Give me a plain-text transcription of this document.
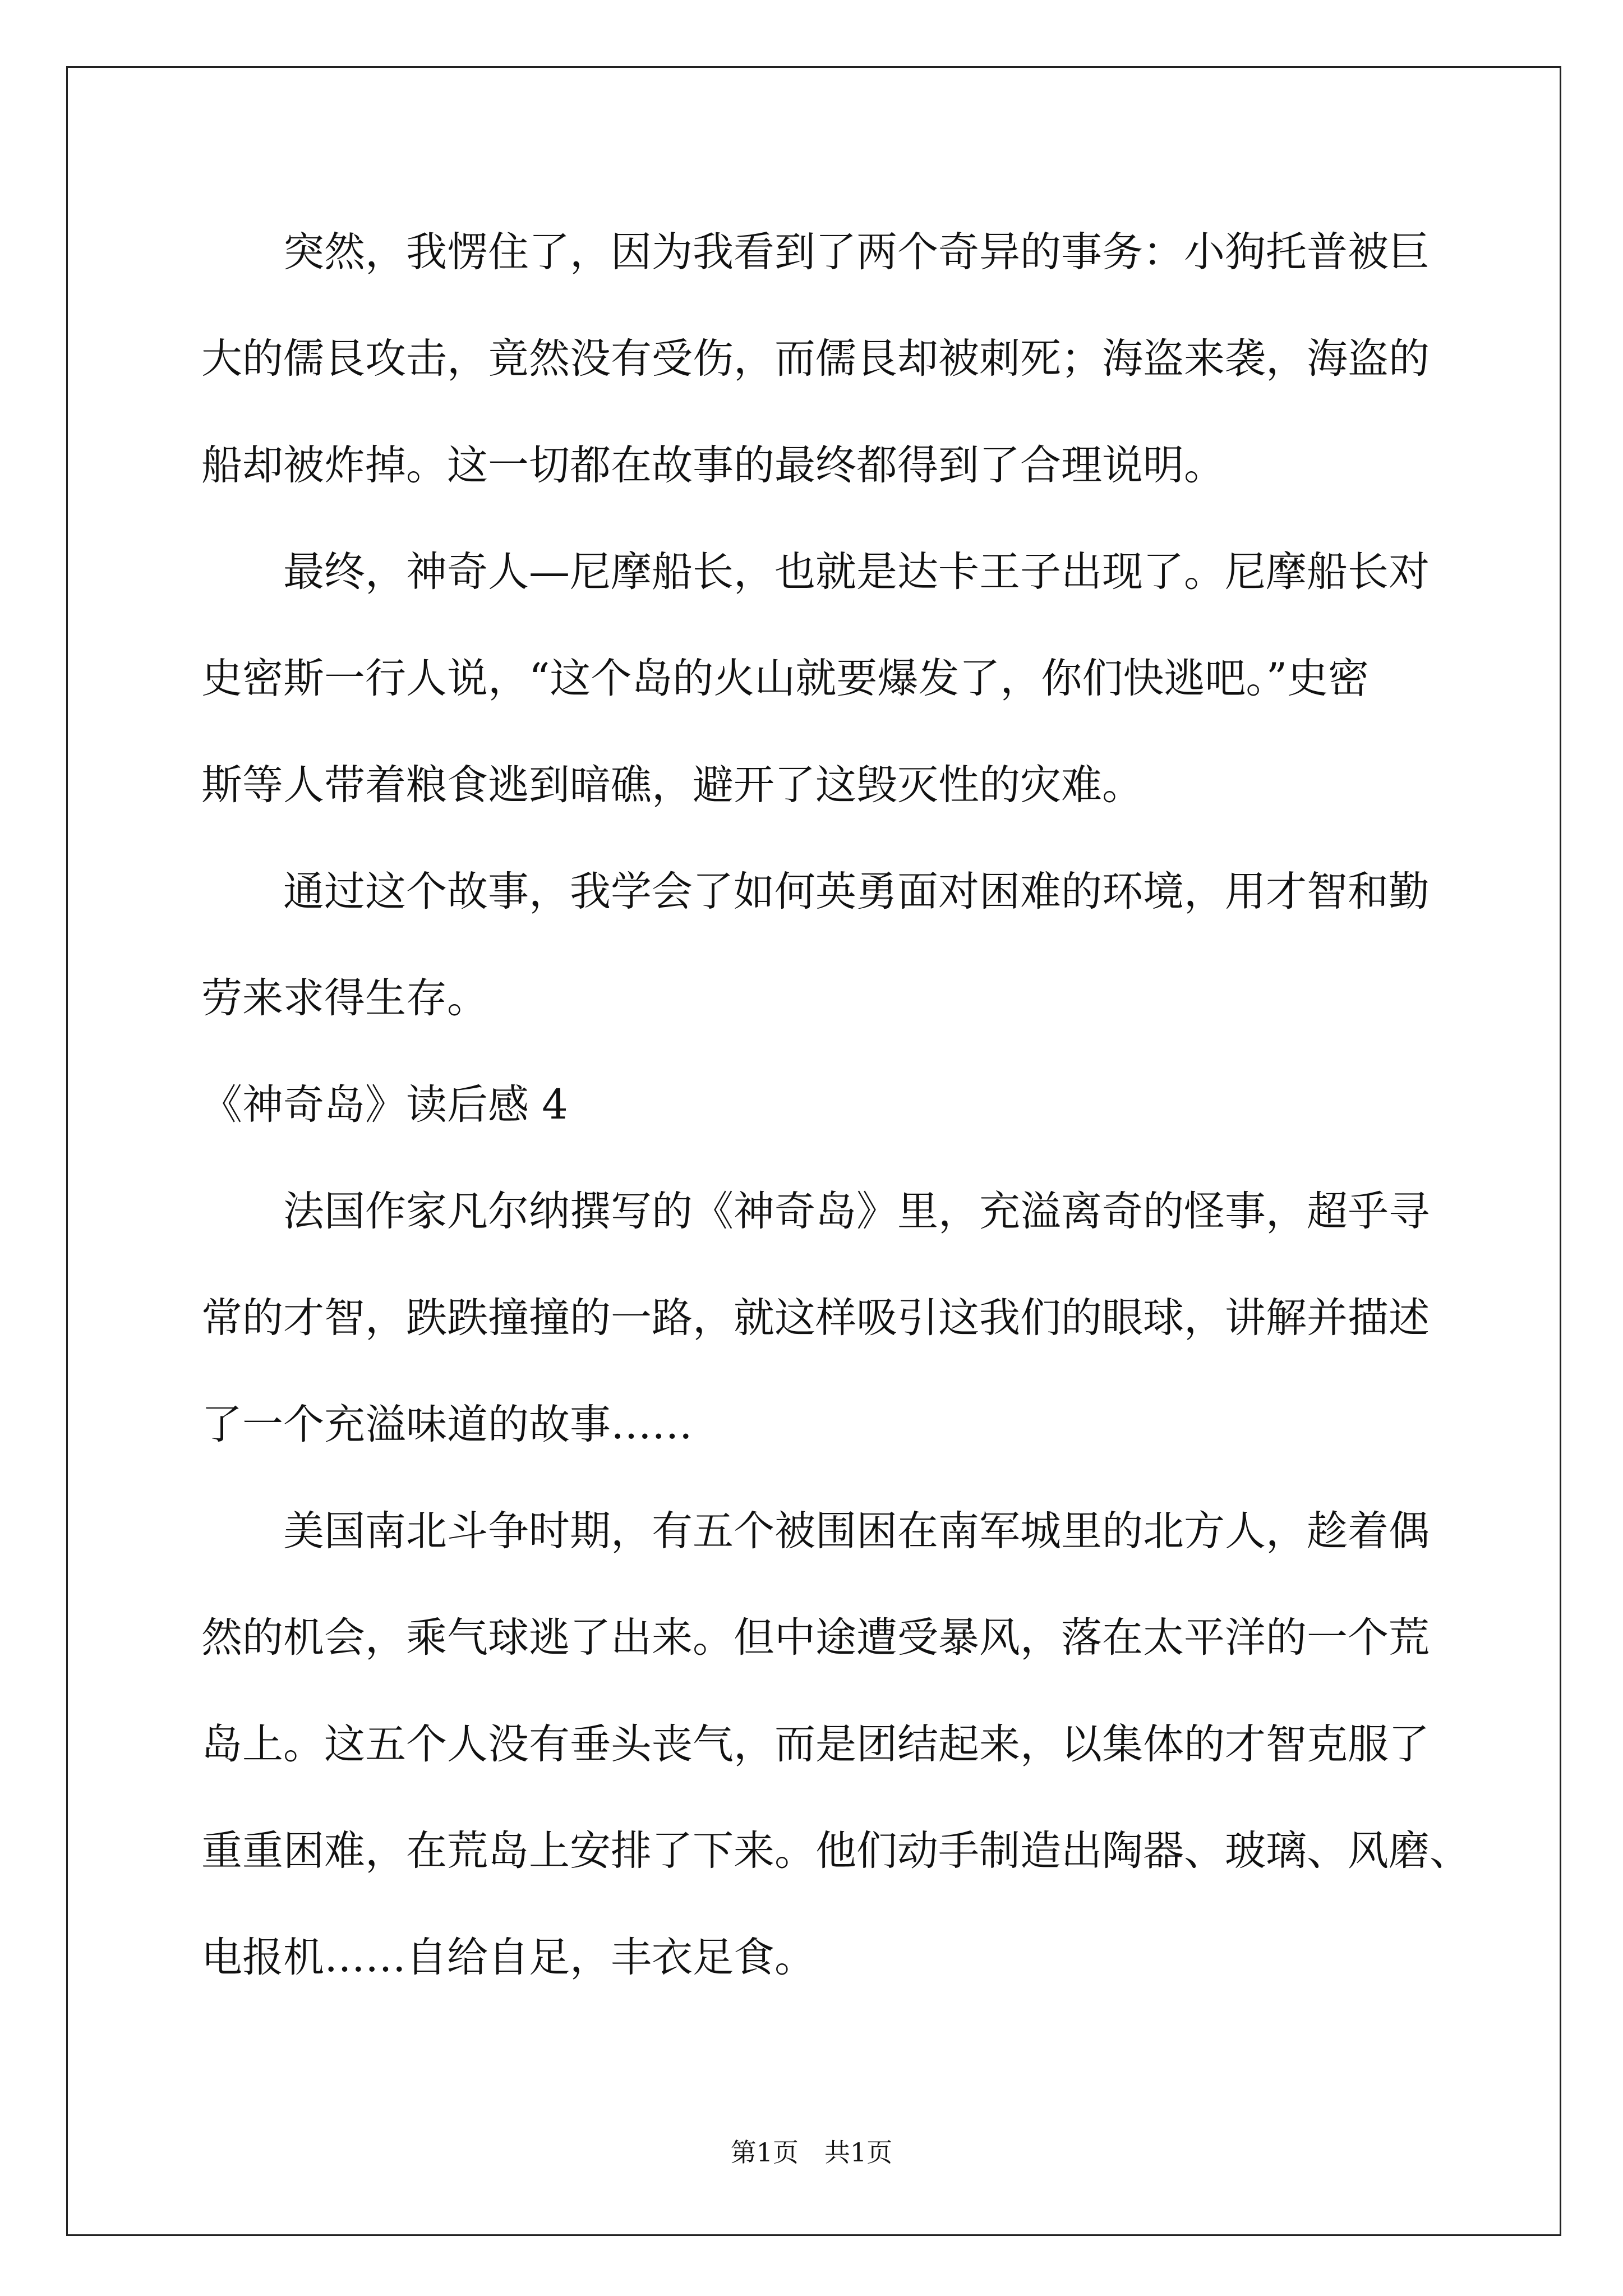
突然，我愣住了，因为我看到了两个奇异的事务：小狗托普被巨
大的儒艮攻击，竟然没有受伤，而儒艮却被刺死；海盗来袭，海盗的
船却被炸掉。这一切都在故事的最终都得到了合理说明。
最终，神奇人—尼摩船长，也就是达卡王子出现了。尼摩船长对
史密斯一行人说，“这个岛的火山就要爆发了，你们快逃吧。”史密
斯等人带着粮食逃到暗礁，避开了这毁灭性的灾难。
通过这个故事，我学会了如何英勇面对困难的环境，用才智和勤
劳来求得生存。
《神奇岛》读后感 4
法国作家凡尔纳撰写的《神奇岛》里，充溢离奇的怪事，超乎寻
常的才智，跌跌撞撞的一路，就这样吸引这我们的眼球，讲解并描述
了一个充溢味道的故事……
美国南北斗争时期，有五个被围困在南军城里的北方人，趁着偶
然的机会，乘气球逃了出来。但中途遭受暴风，落在太平洋的一个荒
岛上。这五个人没有垂头丧气，而是团结起来，以集体的才智克服了
重重困难，在荒岛上安排了下来。他们动手制造出陶器、玻璃、风磨、
电报机……自给自足，丰衣足食。
第1页　共1页
